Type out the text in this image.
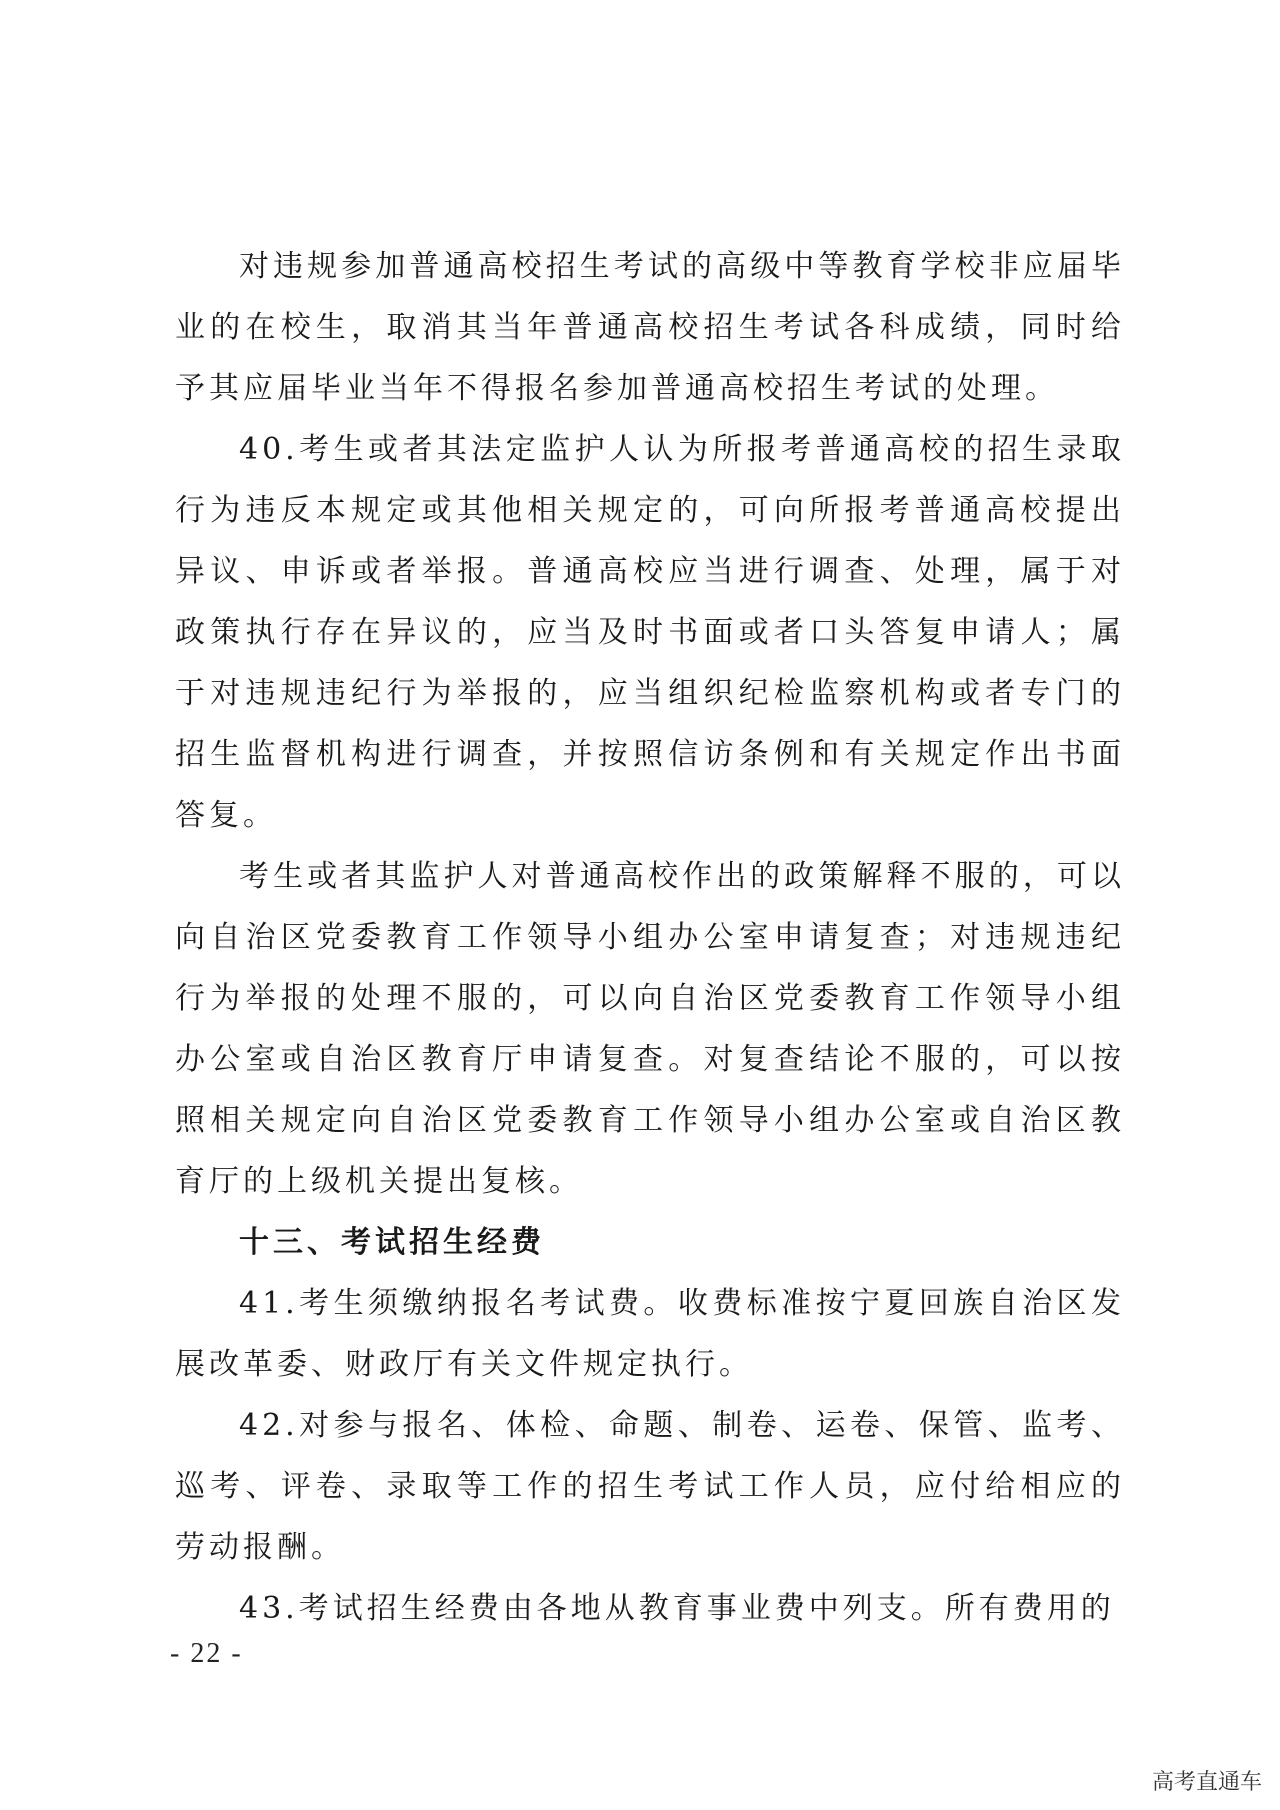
对违规参加普通高校招生考试的高级中等教育学校非应届毕业的在校生，取消其当年普通高校招生考试各科成绩，同时给予其应届毕业当年不得报名参加普通高校招生考试的处理。

40.考生或者其法定监护人认为所报考普通高校的招生录取行为违反本规定或其他相关规定的，可向所报考普通高校提出异议、申诉或者举报。普通高校应当进行调查、处理，属于对政策执行存在异议的，应当及时书面或者口头答复申请人；属于对违规违纪行为举报的，应当组织纪检监察机构或者专门的招生监督机构进行调查，并按照信访条例和有关规定作出书面答复。

考生或者其监护人对普通高校作出的政策解释不服的，可以向自治区党委教育工作领导小组办公室申请复查；对违规违纪行为举报的处理不服的，可以向自治区党委教育工作领导小组办公室或自治区教育厅申请复查。对复查结论不服的，可以按照相关规定向自治区党委教育工作领导小组办公室或自治区教育厅的上级机关提出复核。

十三、考试招生经费

41.考生须缴纳报名考试费。收费标准按宁夏回族自治区发展改革委、财政厅有关文件规定执行。

42.对参与报名、体检、命题、制卷、运卷、保管、监考、巡考、评卷、录取等工作的招生考试工作人员，应付给相应的劳动报酬。

43.考试招生经费由各地从教育事业费中列支。所有费用的

- 22 -
高考直通车
